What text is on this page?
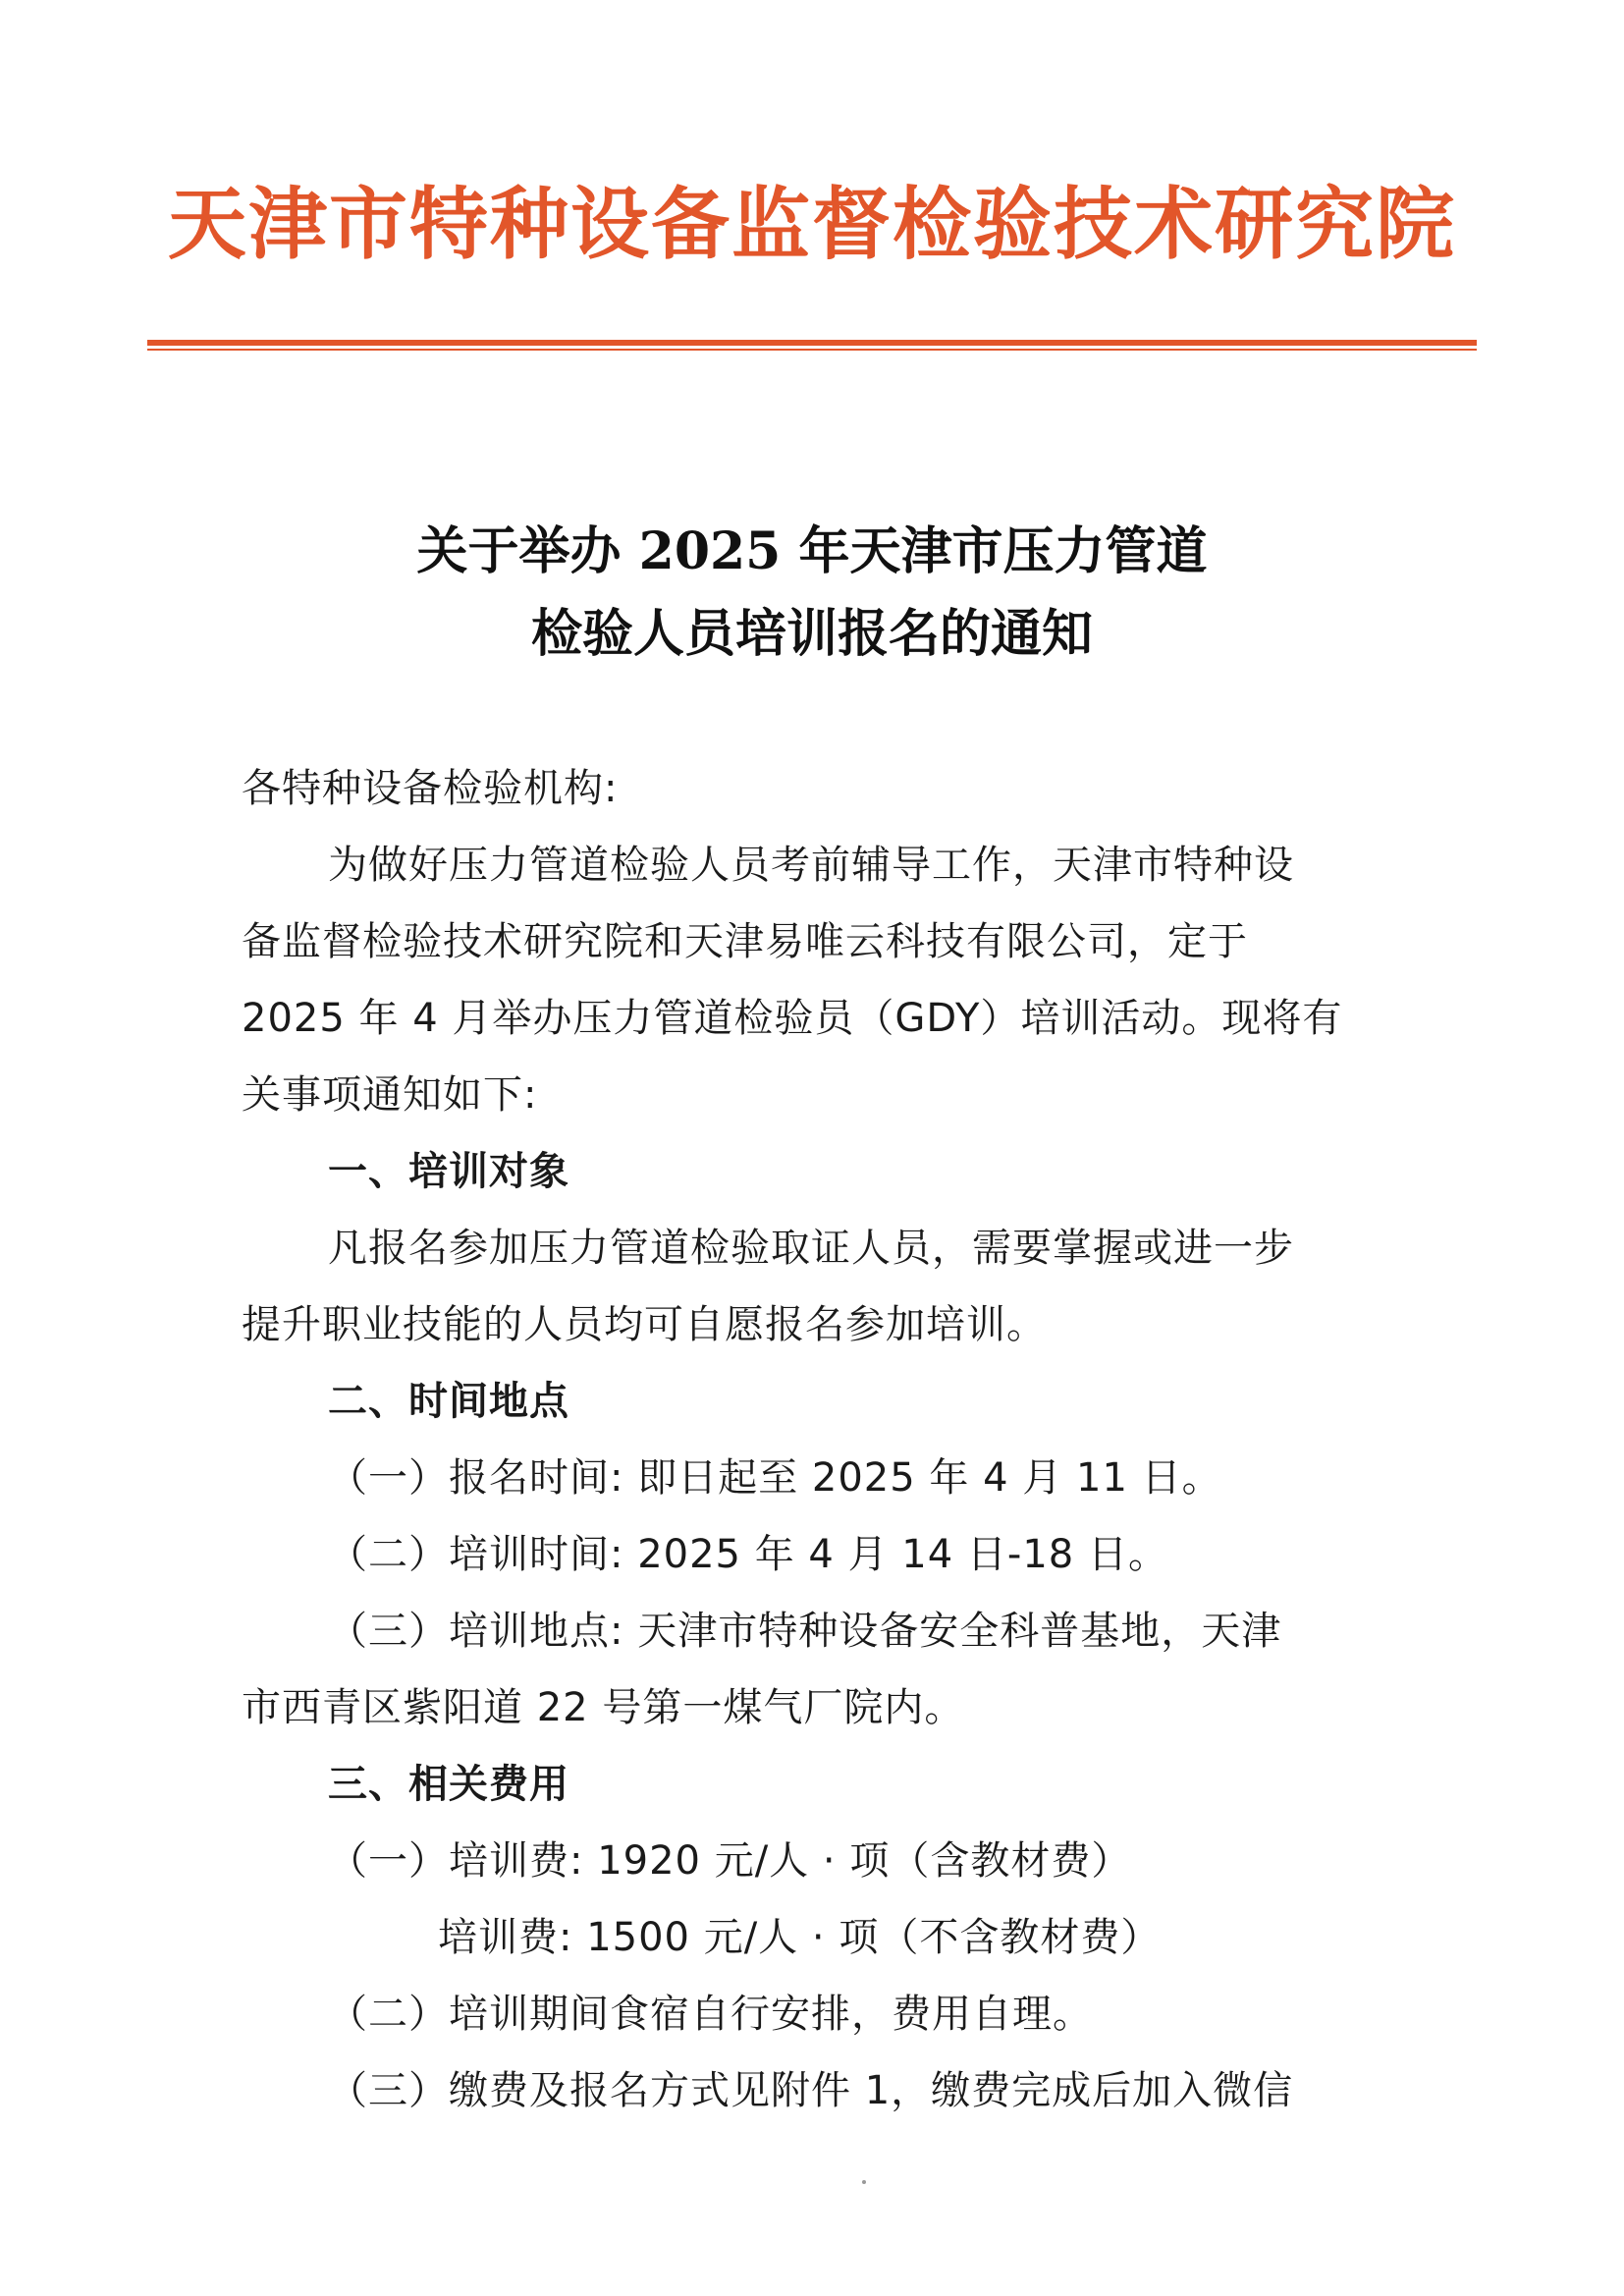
天津市特种设备监督检验技术研究院
关于举办 2025 年天津市压力管道
检验人员培训报名的通知

各特种设备检验机构:

为做好压力管道检验人员考前辅导工作，天津市特种设

备监督检验技术研究院和天津易唯云科技有限公司，定于

2025 年 4 月举办压力管道检验员（GDY）培训活动。现将有

关事项通知如下:

一、培训对象

凡报名参加压力管道检验取证人员，需要掌握或进一步

提升职业技能的人员均可自愿报名参加培训。

二、时间地点

（一）报名时间: 即日起至 2025 年 4 月 11 日。

（二）培训时间: 2025 年 4 月 14 日-18 日。

（三）培训地点: 天津市特种设备安全科普基地，天津

市西青区紫阳道 22 号第一煤气厂院内。

三、相关费用

（一）培训费: 1920 元/人 · 项（含教材费）

培训费: 1500 元/人 · 项（不含教材费）

（二）培训期间食宿自行安排，费用自理。

（三）缴费及报名方式见附件 1，缴费完成后加入微信
